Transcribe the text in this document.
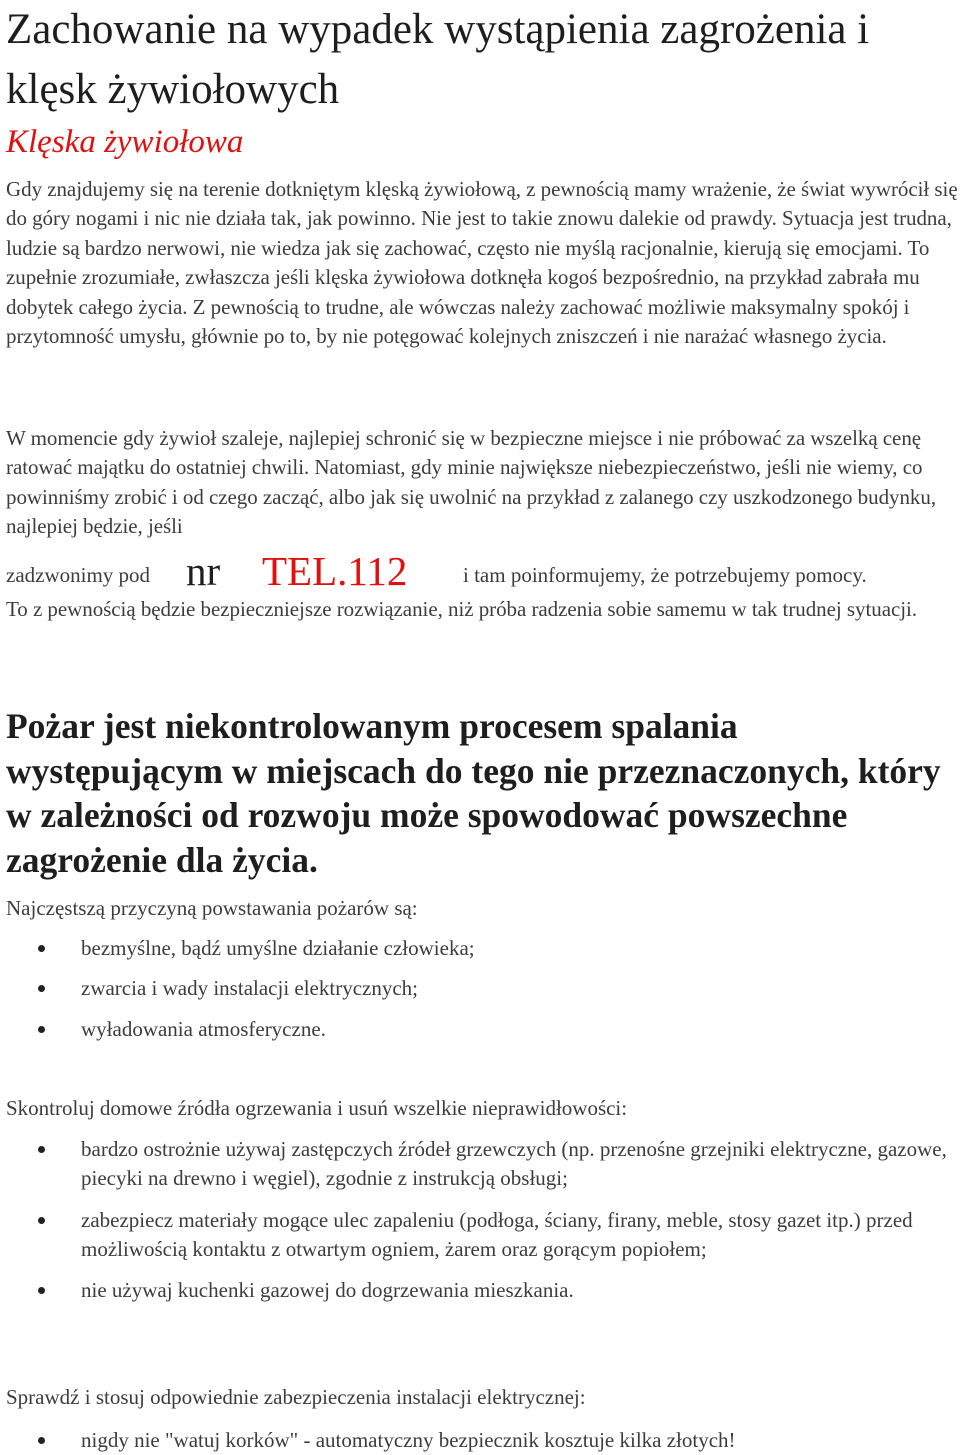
Zachowanie na wypadek wystąpienia zagrożenia i klęsk żywiołowych
Klęska żywiołowa

Gdy znajdujemy się na terenie dotkniętym klęską żywiołową, z pewnością mamy wrażenie, że świat wywrócił się do góry nogami i nic nie działa tak, jak powinno. Nie jest to takie znowu dalekie od prawdy. Sytuacja jest trudna, ludzie są bardzo nerwowi, nie wiedza jak się zachować, często nie myślą racjonalnie, kierują się emocjami. To zupełnie zrozumiałe, zwłaszcza jeśli klęska żywiołowa dotknęła kogoś bezpośrednio, na przykład zabrała mu dobytek całego życia. Z pewnością to trudne, ale wówczas należy zachować możliwie maksymalny spokój i przytomność umysłu, głównie po to, by nie potęgować kolejnych zniszczeń i nie narażać własnego życia.

W momencie gdy żywioł szaleje, najlepiej schronić się w bezpieczne miejsce i nie próbować za wszelką cenę ratować majątku do ostatniej chwili. Natomiast, gdy minie największe niebezpieczeństwo, jeśli nie wiemy, co powinniśmy zrobić i od czego zacząć, albo jak się uwolnić na przykład z zalanego czy uszkodzonego budynku, najlepiej będzie, jeśli

zadzwonimy pod nr TEL.112	i tam poinformujemy, że potrzebujemy pomocy.

To z pewnością będzie bezpieczniejsze rozwiązanie, niż próba radzenia sobie samemu w tak trudnej sytuacji.

Pożar jest niekontrolowanym procesem spalania występującym w miejscach do tego nie przeznaczonych, który w zależności od rozwoju może spowodować powszechne zagrożenie dla życia.

Najczęstszą przyczyną powstawania pożarów są:

bezmyślne, bądź umyślne działanie człowieka;
zwarcia i wady instalacji elektrycznych;
wyładowania atmosferyczne.

Skontroluj domowe źródła ogrzewania i usuń wszelkie nieprawidłowości:

bardzo ostrożnie używaj zastępczych źródeł grzewczych (np. przenośne grzejniki elektryczne, gazowe, piecyki na drewno i węgiel), zgodnie z instrukcją obsługi;
zabezpiecz materiały mogące ulec zapaleniu (podłoga, ściany, firany, meble, stosy gazet itp.) przed możliwością kontaktu z otwartym ogniem, żarem oraz gorącym popiołem;
nie używaj kuchenki gazowej do dogrzewania mieszkania.

Sprawdź i stosuj odpowiednie zabezpieczenia instalacji elektrycznej:

nigdy nie "watuj korków" - automatyczny bezpiecznik kosztuje kilka złotych!
